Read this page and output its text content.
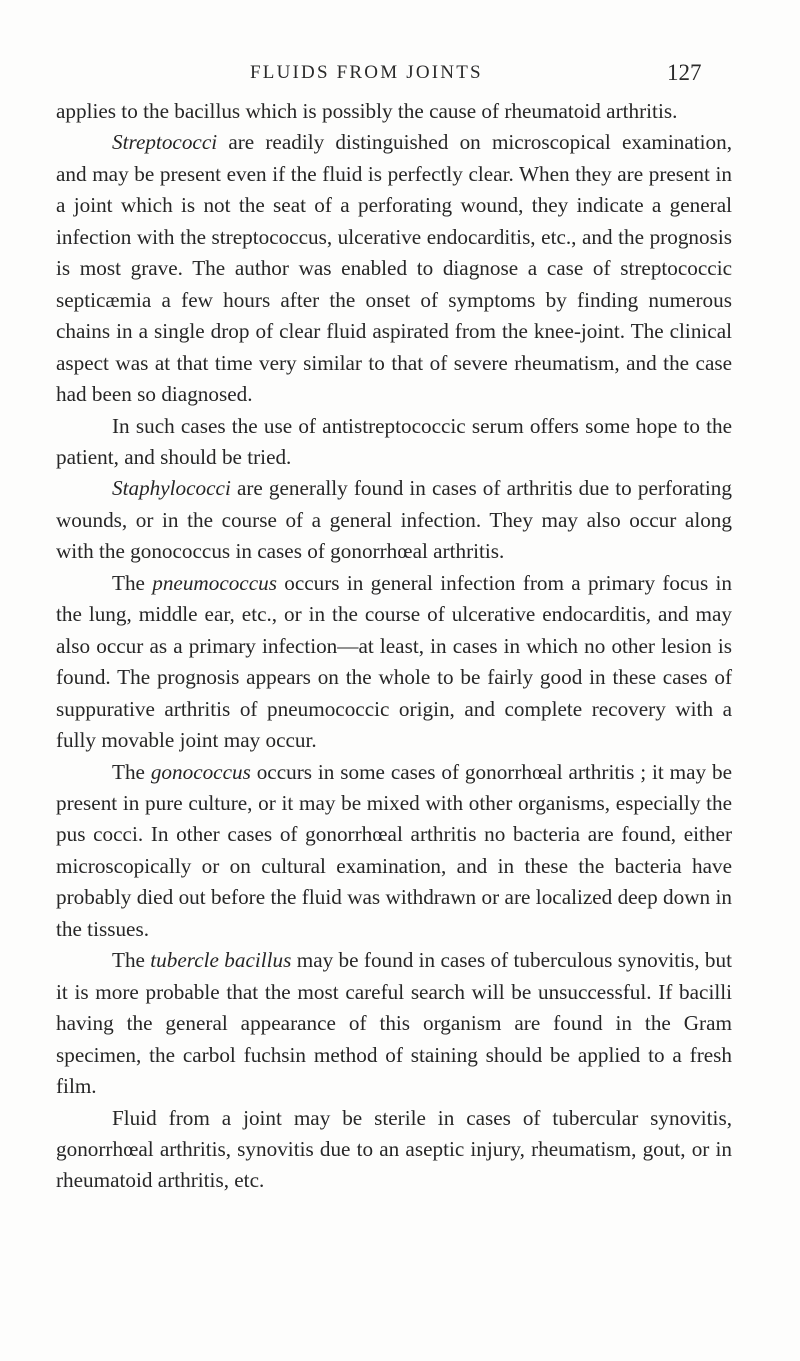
FLUIDS FROM JOINTS	127

applies to the bacillus which is possibly the cause of rheumatoid arthritis.

Streptococci are readily distinguished on microscopical examination, and may be present even if the fluid is perfectly clear. When they are present in a joint which is not the seat of a perforating wound, they indicate a general infection with the streptococcus, ulcerative endocarditis, etc., and the prognosis is most grave. The author was enabled to diagnose a case of streptococcic septicæmia a few hours after the onset of symptoms by finding numerous chains in a single drop of clear fluid aspirated from the knee-joint. The clinical aspect was at that time very similar to that of severe rheumatism, and the case had been so diagnosed.

In such cases the use of antistreptococcic serum offers some hope to the patient, and should be tried.

Staphylococci are generally found in cases of arthritis due to perforating wounds, or in the course of a general infection. They may also occur along with the gonococcus in cases of gonorrhœal arthritis.

The pneumococcus occurs in general infection from a primary focus in the lung, middle ear, etc., or in the course of ulcerative endocarditis, and may also occur as a primary infection—at least, in cases in which no other lesion is found. The prognosis appears on the whole to be fairly good in these cases of suppurative arthritis of pneumococcic origin, and complete recovery with a fully movable joint may occur.

The gonococcus occurs in some cases of gonorrhœal arthritis ; it may be present in pure culture, or it may be mixed with other organisms, especially the pus cocci. In other cases of gonorrhœal arthritis no bacteria are found, either microscopically or on cultural examination, and in these the bacteria have probably died out before the fluid was withdrawn or are localized deep down in the tissues.

The tubercle bacillus may be found in cases of tuberculous synovitis, but it is more probable that the most careful search will be unsuccessful. If bacilli having the general appearance of this organism are found in the Gram specimen, the carbol fuchsin method of staining should be applied to a fresh film.

Fluid from a joint may be sterile in cases of tubercular synovitis, gonorrhœal arthritis, synovitis due to an aseptic injury, rheumatism, gout, or in rheumatoid arthritis, etc.
